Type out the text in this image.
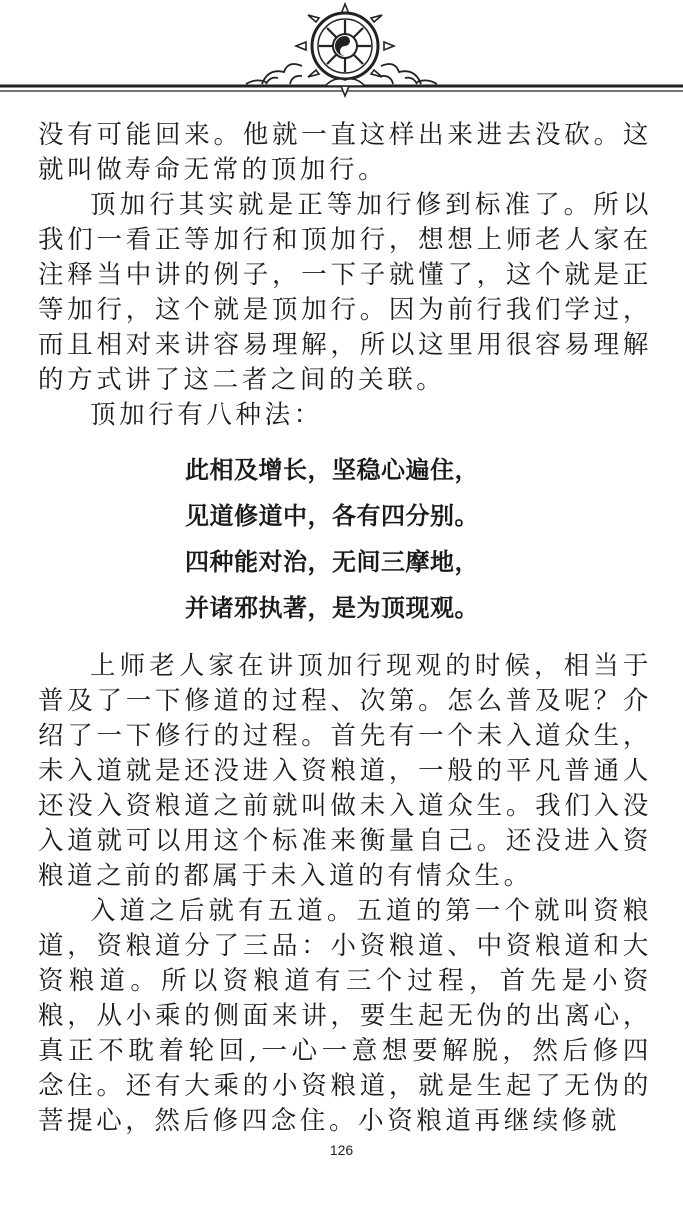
没有可能回来。他就一直这样出来进去没砍。这就叫做寿命无常的顶加行。

顶加行其实就是正等加行修到标准了。所以我们一看正等加行和顶加行，想想上师老人家在注释当中讲的例子，一下子就懂了，这个就是正等加行，这个就是顶加行。因为前行我们学过，而且相对来讲容易理解，所以这里用很容易理解的方式讲了这二者之间的关联。

顶加行有八种法：

此相及增长，坚稳心遍住，

见道修道中，各有四分别。

四种能对治，无间三摩地，

并诸邪执著，是为顶现观。

上师老人家在讲顶加行现观的时候，相当于普及了一下修道的过程、次第。怎么普及呢？介绍了一下修行的过程。首先有一个未入道众生，未入道就是还没进入资粮道，一般的平凡普通人还没入资粮道之前就叫做未入道众生。我们入没入道就可以用这个标准来衡量自己。还没进入资粮道之前的都属于未入道的有情众生。

入道之后就有五道。五道的第一个就叫资粮道，资粮道分了三品：小资粮道、中资粮道和大资粮道。所以资粮道有三个过程，首先是小资粮，从小乘的侧面来讲，要生起无伪的出离心，真正不耽着轮回,一心一意想要解脱，然后修四念住。还有大乘的小资粮道，就是生起了无伪的菩提心，然后修四念住。小资粮道再继续修就

126
